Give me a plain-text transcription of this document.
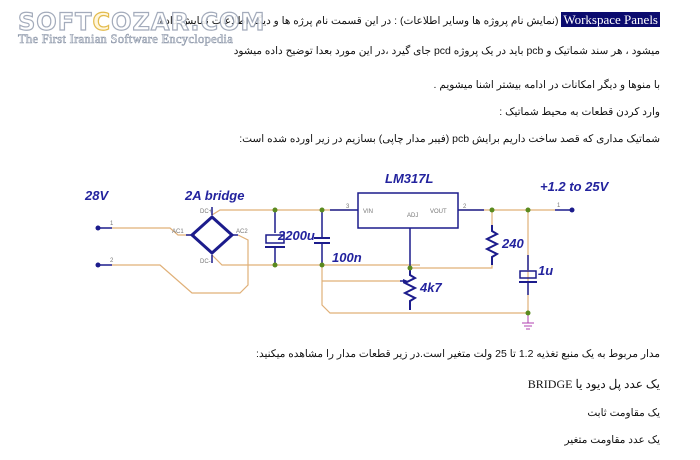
Workspace Panels (نمایش نام پروژه ها وسایر اطلاعات) : در این قسمت نام پرژه ها و دیگر اطلاعات نمایش داده
میشود ، هر سند شماتیک و pcb باید در یک پروژه pcd جای گیرد ،در این مورد بعدا توضیح داده میشود
با منوها و دیگر امکانات در ادامه بیشتر اشنا میشویم .
وارد کردن قطعات به محیط شماتیک :
شماتیک مداری که قصد ساخت داریم برایش pcb (فیبر مدار چاپی) بسازیم در زیر اورده شده است:
SOFTCOZAR.COM
The First Iranian Software Encyclopedia
1
2
28V	2A bridge
AC1	AC2
DC+
DC-
2200u
100n
LM317L
VIN	VOUT
ADJ
3	2
240
4k7
1u
+1.2 to 25V
1
مدار مربوط به یک منبع تغذیه 1.2 تا 25 ولت متغیر است.در زیر قطعات مدار را مشاهده میکنید:
یک عدد پل دیود یا BRIDGE
یک مقاومت ثابت
یک عدد مقاومت متغیر
